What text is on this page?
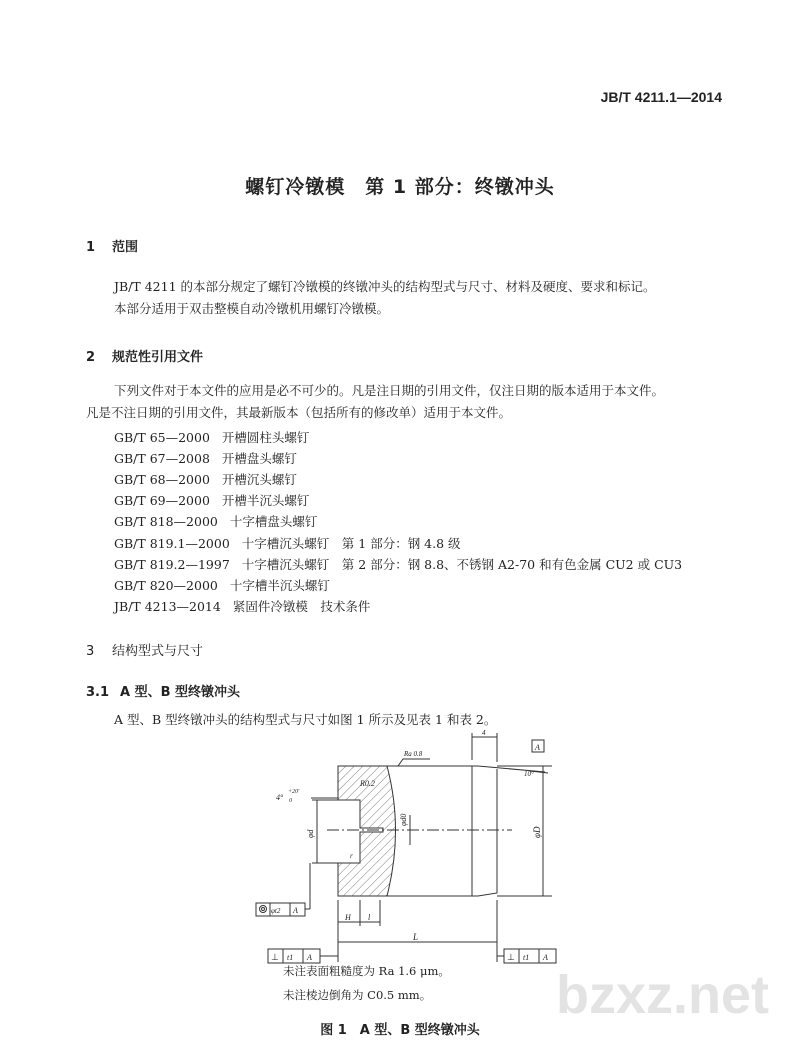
JB/T 4211.1—2014
螺钉冷镦模　第 1 部分：终镦冲头
1 范围
JB/T 4211 的本部分规定了螺钉冷镦模的终镦冲头的结构型式与尺寸、材料及硬度、要求和标记。
本部分适用于双击整模自动冷镦机用螺钉冷镦模。
2 规范性引用文件
下列文件对于本文件的应用是必不可少的。凡是注日期的引用文件，仅注日期的版本适用于本文件。
凡是不注日期的引用文件，其最新版本（包括所有的修改单）适用于本文件。
GB/T 65—2000 开槽圆柱头螺钉
GB/T 67—2008 开槽盘头螺钉
GB/T 68—2000 开槽沉头螺钉
GB/T 69—2000 开槽半沉头螺钉
GB/T 818—2000 十字槽盘头螺钉
GB/T 819.1—2000 十字槽沉头螺钉　第 1 部分：钢 4.8 级
GB/T 819.2—1997 十字槽沉头螺钉　第 2 部分：钢 8.8、不锈钢 A2-70 和有色金属 CU2 或 CU3
GB/T 820—2000 十字槽半沉头螺钉
JB/T 4213—2014 紧固件冷镦模　技术条件
3 结构型式与尺寸
3.1 A 型、B 型终镦冲头
A 型、B 型终镦冲头的结构型式与尺寸如图 1 所示及见表 1 和表 2。
Ra 0.8
R0.2
4°
+20′
0
φd
φd0
φD
H l
L
4
10°
A
r
φt2 A
⊥ t1 A	⊥ t1 A
bzxz.net
未注表面粗糙度为 Ra 1.6 μm。
未注棱边倒角为 C0.5 mm。
图 1　A 型、B 型终镦冲头
